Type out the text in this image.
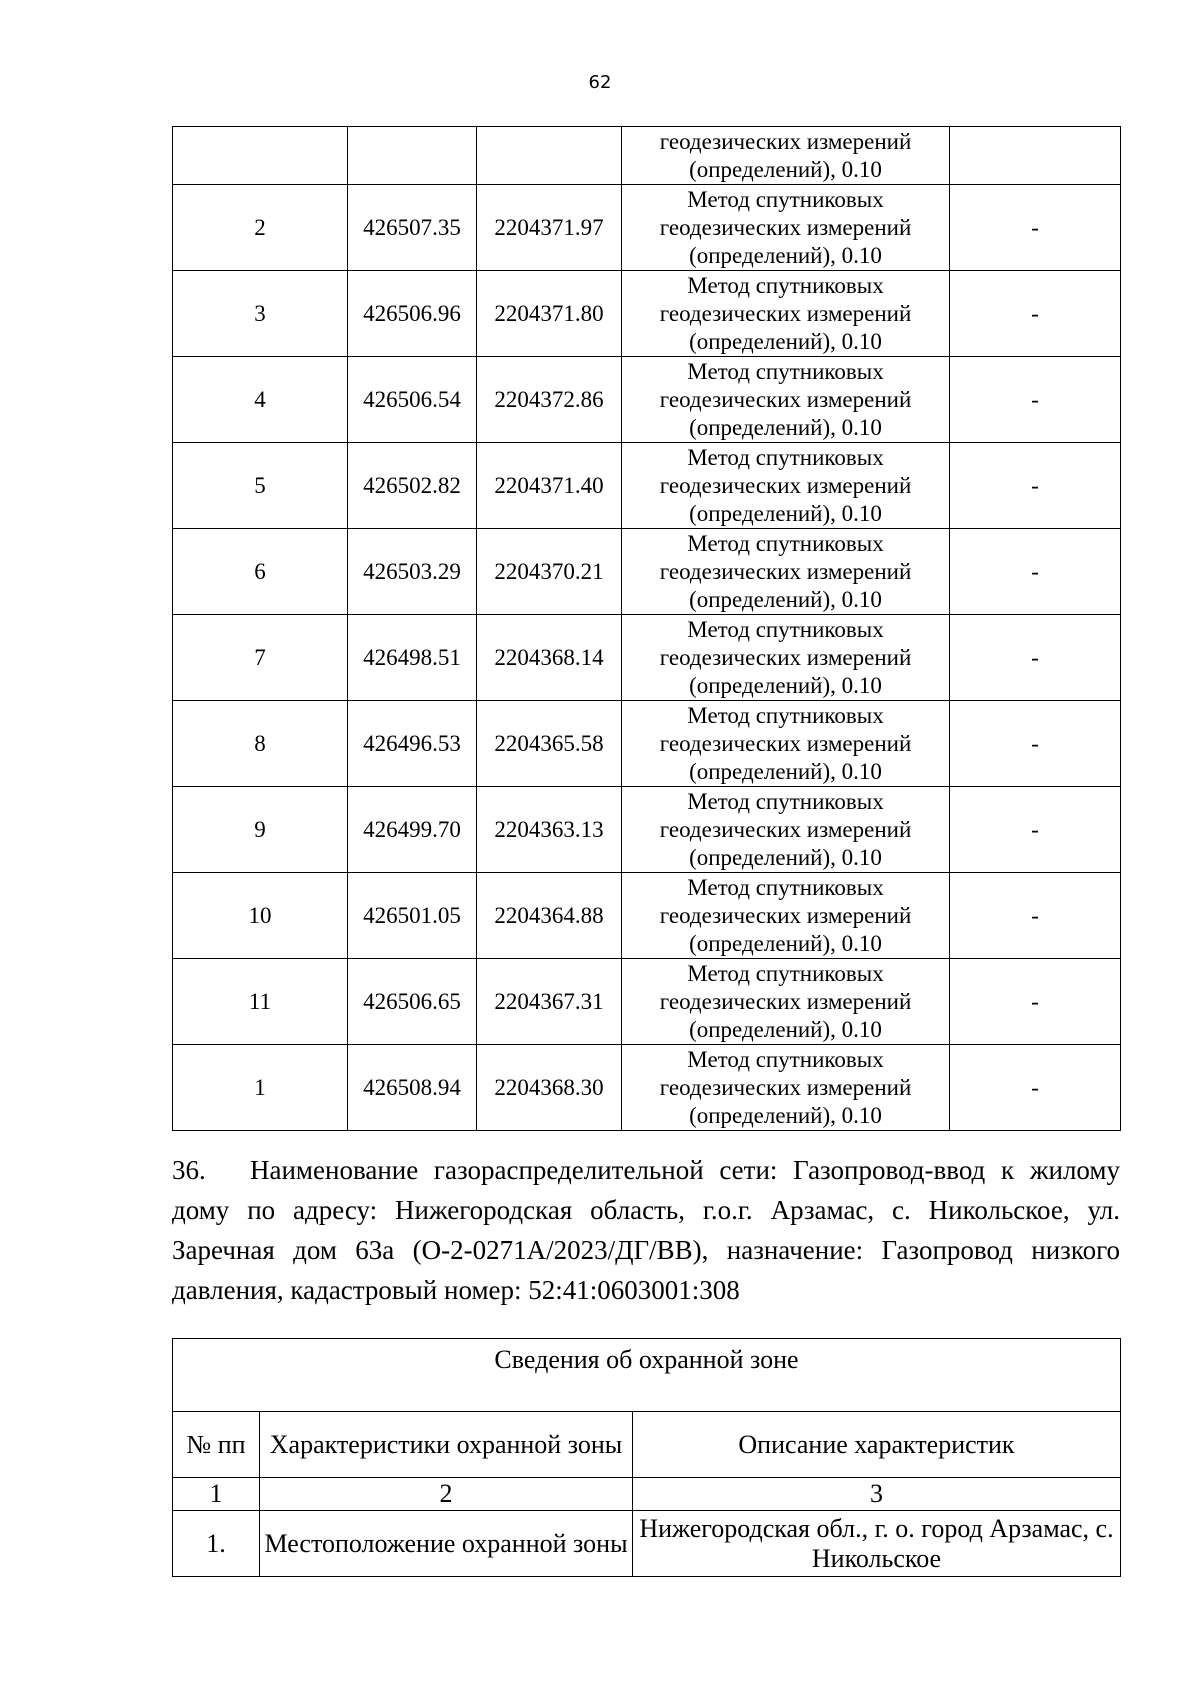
62

			геодезических измерений
(определений), 0.10	

2	426507.35	2204371.97	Метод спутниковых
геодезических измерений
(определений), 0.10	-
3	426506.96	2204371.80	Метод спутниковых
геодезических измерений
(определений), 0.10	-
4	426506.54	2204372.86	Метод спутниковых
геодезических измерений
(определений), 0.10	-
5	426502.82	2204371.40	Метод спутниковых
геодезических измерений
(определений), 0.10	-
6	426503.29	2204370.21	Метод спутниковых
геодезических измерений
(определений), 0.10	-
7	426498.51	2204368.14	Метод спутниковых
геодезических измерений
(определений), 0.10	-
8	426496.53	2204365.58	Метод спутниковых
геодезических измерений
(определений), 0.10	-
9	426499.70	2204363.13	Метод спутниковых
геодезических измерений
(определений), 0.10	-
10	426501.05	2204364.88	Метод спутниковых
геодезических измерений
(определений), 0.10	-
11	426506.65	2204367.31	Метод спутниковых
геодезических измерений
(определений), 0.10	-
1	426508.94	2204368.30	Метод спутниковых
геодезических измерений
(определений), 0.10	-
36. Наименование газораспределительной сети: Газопровод-ввод к жилому дому по адресу: Нижегородская область, г.о.г. Арзамас, с. Никольское, ул. Заречная дом 63а (О-2-0271А/2023/ДГ/ВВ), назначение: Газопровод низкого давления, кадастровый номер: 52:41:0603001:308
Сведения об охранной зоне		
№ пп	Характеристики охранной зоны	Описание характеристик
1	2	3
1.	Местоположение охранной зоны	Нижегородская обл., г. о. город Арзамас, с. Никольское
